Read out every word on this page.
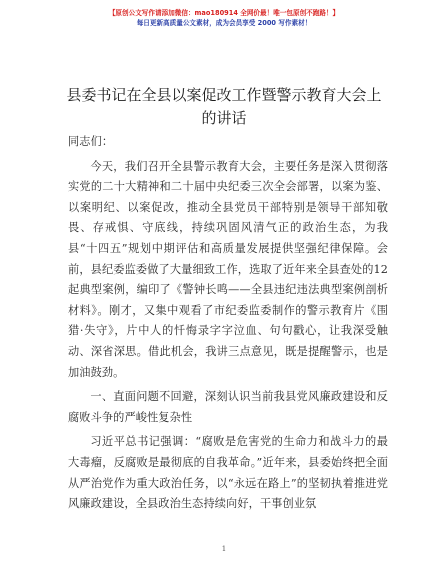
【原创公文写作请添加微信：mao180914 全网价最！唯一包原创不跑路！】
每日更新高质量公文素材，成为会员享受 2000 写作素材！
县委书记在全县以案促改工作暨警示教育大会上的讲话

同志们：

今天，我们召开全县警示教育大会，主要任务是深入贯彻落实党的二十大精神和二十届中央纪委三次全会部署，以案为鉴、以案明纪、以案促改，推动全县党员干部特别是领导干部知敬畏、存戒惧、守底线，持续巩固风清气正的政治生态，为我县“十四五”规划中期评估和高质量发展提供坚强纪律保障。会前，县纪委监委做了大量细致工作，选取了近年来全县查处的12起典型案例，编印了《警钟长鸣——全县违纪违法典型案例剖析材料》。刚才，又集中观看了市纪委监委制作的警示教育片《围猎·失守》，片中人的忏悔录字字泣血、句句戳心，让我深受触动、深省深思。借此机会，我讲三点意见，既是提醒警示，也是加油鼓劲。

一、直面问题不回避，深刻认识当前我县党风廉政建设和反腐败斗争的严峻性复杂性

习近平总书记强调：“腐败是危害党的生命力和战斗力的最大毒瘤，反腐败是最彻底的自我革命。”近年来，县委始终把全面从严治党作为重大政治任务，以“永远在路上”的坚韧执着推进党风廉政建设，全县政治生态持续向好，干事创业氛

1
